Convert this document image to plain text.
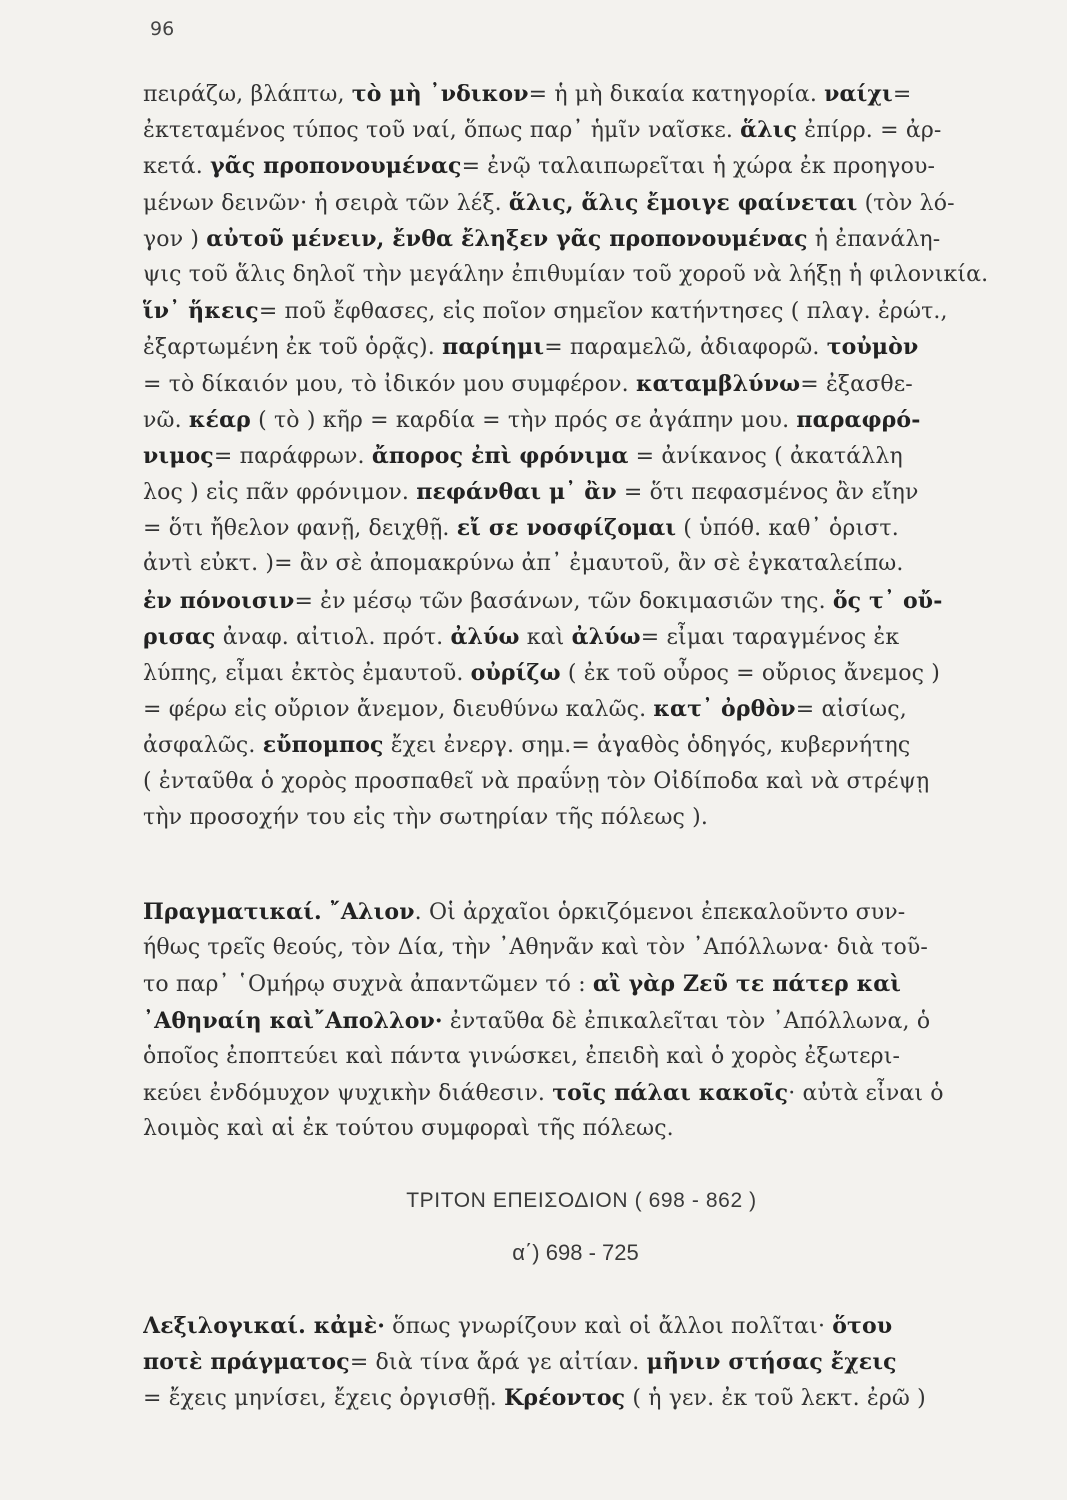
96
πειράζω, βλάπτω, τὸ μὴ ᾽νδικον= ἡ μὴ δικαία κατηγορία. ναίχι=
ἐκτεταμένος τύπος τοῦ ναί, ὅπως παρ᾽ ἡμῖν ναῖσκε. ἅλις ἐπίρρ. = ἀρ-
κετά. γᾶς προπονουμένας= ἐνῷ ταλαιπωρεῖται ἡ χώρα ἐκ προηγου-
μένων δεινῶν· ἡ σειρὰ τῶν λέξ. ἅλις, ἅλις ἔμοιγε φαίνεται (τὸν λό-
γον ) αὐτοῦ μένειν, ἔνθα ἔληξεν γᾶς προπονουμένας ἡ ἐπανάλη-
ψις τοῦ ἅλις δηλοῖ τὴν μεγάλην ἐπιθυμίαν τοῦ χοροῦ νὰ λήξῃ ἡ φιλονικία.
ἵν᾽ ἥκεις= ποῦ ἔφθασες, εἰς ποῖον σημεῖον κατήντησες ( πλαγ. ἐρώτ.,
ἐξαρτωμένη ἐκ τοῦ ὁρᾷς). παρίημι= παραμελῶ, ἀδιαφορῶ. τοὐμὸν
= τὸ δίκαιόν μου, τὸ ἰδικόν μου συμφέρον. καταμβλύνω= ἐξασθε-
νῶ. κέαρ ( τὸ ) κῆρ = καρδία = τὴν πρός σε ἀγάπην μου. παραφρό-
νιμος= παράφρων. ἄπορος ἐπὶ φρόνιμα = ἀνίκανος ( ἀκατάλλη
λος ) εἰς πᾶν φρόνιμον. πεφάνθαι μ᾽ ἂν = ὅτι πεφασμένος ἂν εἴην
= ὅτι ἤθελον φανῇ, δειχθῇ. εἴ σε νοσφίζομαι ( ὑπόθ. καθ᾽ ὁριστ.
ἀντὶ εὐκτ. )= ἂν σὲ ἀπομακρύνω ἀπ᾽ ἐμαυτοῦ, ἂν σὲ ἐγκαταλείπω.
ἐν πόνοισιν= ἐν μέσῳ τῶν βασάνων, τῶν δοκιμασιῶν της. ὅς τ᾽ οὔ-
ρισας ἀναφ. αἰτιολ. πρότ. ἀλύω καὶ ἀλύω= εἶμαι ταραγμένος ἐκ
λύπης, εἶμαι ἐκτὸς ἐμαυτοῦ. οὐρίζω ( ἐκ τοῦ οὖρος = οὔριος ἄνεμος )
= φέρω εἰς οὔριον ἄνεμον, διευθύνω καλῶς. κατ᾽ ὀρθὸν= αἰσίως,
ἀσφαλῶς. εὔπομπος ἔχει ἐνεργ. σημ.= ἀγαθὸς ὁδηγός, κυβερνήτης
( ἐνταῦθα ὁ χορὸς προσπαθεῖ νὰ πραΰνῃ τὸν Οἰδίποδα καὶ νὰ στρέψῃ
τὴν προσοχήν του εἰς τὴν σωτηρίαν τῆς πόλεως ).
Πραγματικαί. ῎Αλιον. Οἱ ἀρχαῖοι ὁρκιζόμενοι ἐπεκαλοῦντο συν-
ήθως τρεῖς θεούς, τὸν Δία, τὴν ᾽Αθηνᾶν καὶ τὸν ᾽Απόλλωνα· διὰ τοῦ-
το παρ᾽ ῾Ομήρῳ συχνὰ ἀπαντῶμεν τό : αἲ γὰρ Ζεῦ τε πάτερ καὶ
᾽Αθηναίη καὶ῎Απολλον· ἐνταῦθα δὲ ἐπικαλεῖται τὸν ᾽Απόλλωνα, ὁ
ὁποῖος ἐποπτεύει καὶ πάντα γινώσκει, ἐπειδὴ καὶ ὁ χορὸς ἐξωτερι-
κεύει ἐνδόμυχον ψυχικὴν διάθεσιν. τοῖς πάλαι κακοῖς· αὐτὰ εἶναι ὁ
λοιμὸς καὶ αἱ ἐκ τούτου συμφοραὶ τῆς πόλεως.
ΤΡΙΤΟΝ ΕΠΕΙΣΟΔΙΟΝ ( 698 - 862 )
α΄) 698 - 725
Λεξιλογικαί. κἀμὲ· ὅπως γνωρίζουν καὶ οἱ ἄλλοι πολῖται· ὅτου
ποτὲ πράγματος= διὰ τίνα ἄρά γε αἰτίαν. μῆνιν στήσας ἔχεις
= ἔχεις μηνίσει, ἔχεις ὀργισθῇ. Κρέοντος ( ἡ γεν. ἐκ τοῦ λεκτ. ἐρῶ )
